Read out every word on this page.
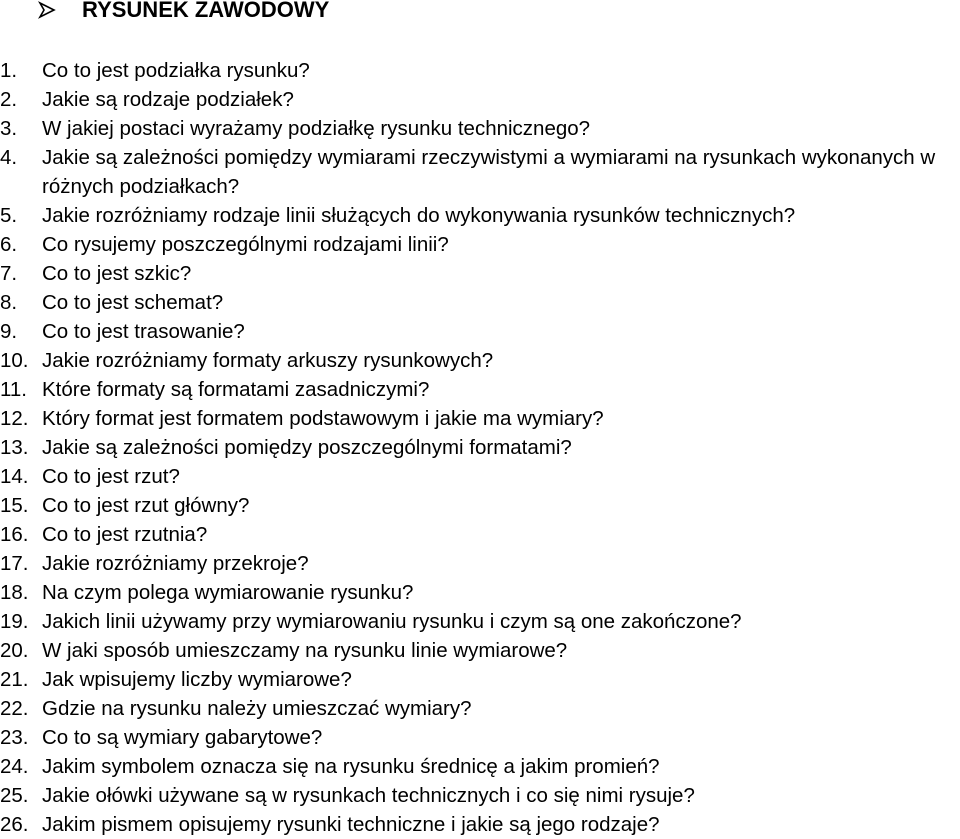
RYSUNEK ZAWODOWY
1.	Co to jest podziałka rysunku?
2.	Jakie są rodzaje podziałek?
3.	W jakiej postaci wyrażamy podziałkę rysunku technicznego?
4.	Jakie są zależności pomiędzy wymiarami rzeczywistymi a wymiarami na rysunkach wykonanych w różnych podziałkach?
5.	Jakie rozróżniamy rodzaje linii służących do wykonywania rysunków technicznych?
6.	Co rysujemy poszczególnymi rodzajami linii?
7.	Co to jest szkic?
8.	Co to jest schemat?
9.	Co to jest trasowanie?
10. Jakie rozróżniamy formaty arkuszy rysunkowych?
11. Które formaty są formatami zasadniczymi?
12. Który format jest formatem podstawowym i jakie ma wymiary?
13. Jakie są zależności pomiędzy poszczególnymi formatami?
14. Co to jest rzut?
15. Co to jest rzut główny?
16. Co to jest rzutnia?
17. Jakie rozróżniamy przekroje?
18. Na czym polega wymiarowanie rysunku?
19. Jakich linii używamy przy wymiarowaniu rysunku i czym są one zakończone?
20. W jaki sposób umieszczamy na rysunku linie wymiarowe?
21. Jak wpisujemy liczby wymiarowe?
22. Gdzie na rysunku należy umieszczać wymiary?
23. Co to są wymiary gabarytowe?
24. Jakim symbolem oznacza się na rysunku średnicę a jakim promień?
25. Jakie ołówki używane są w rysunkach technicznych i co się nimi rysuje?
26. Jakim pismem opisujemy rysunki techniczne i jakie są jego rodzaje?
